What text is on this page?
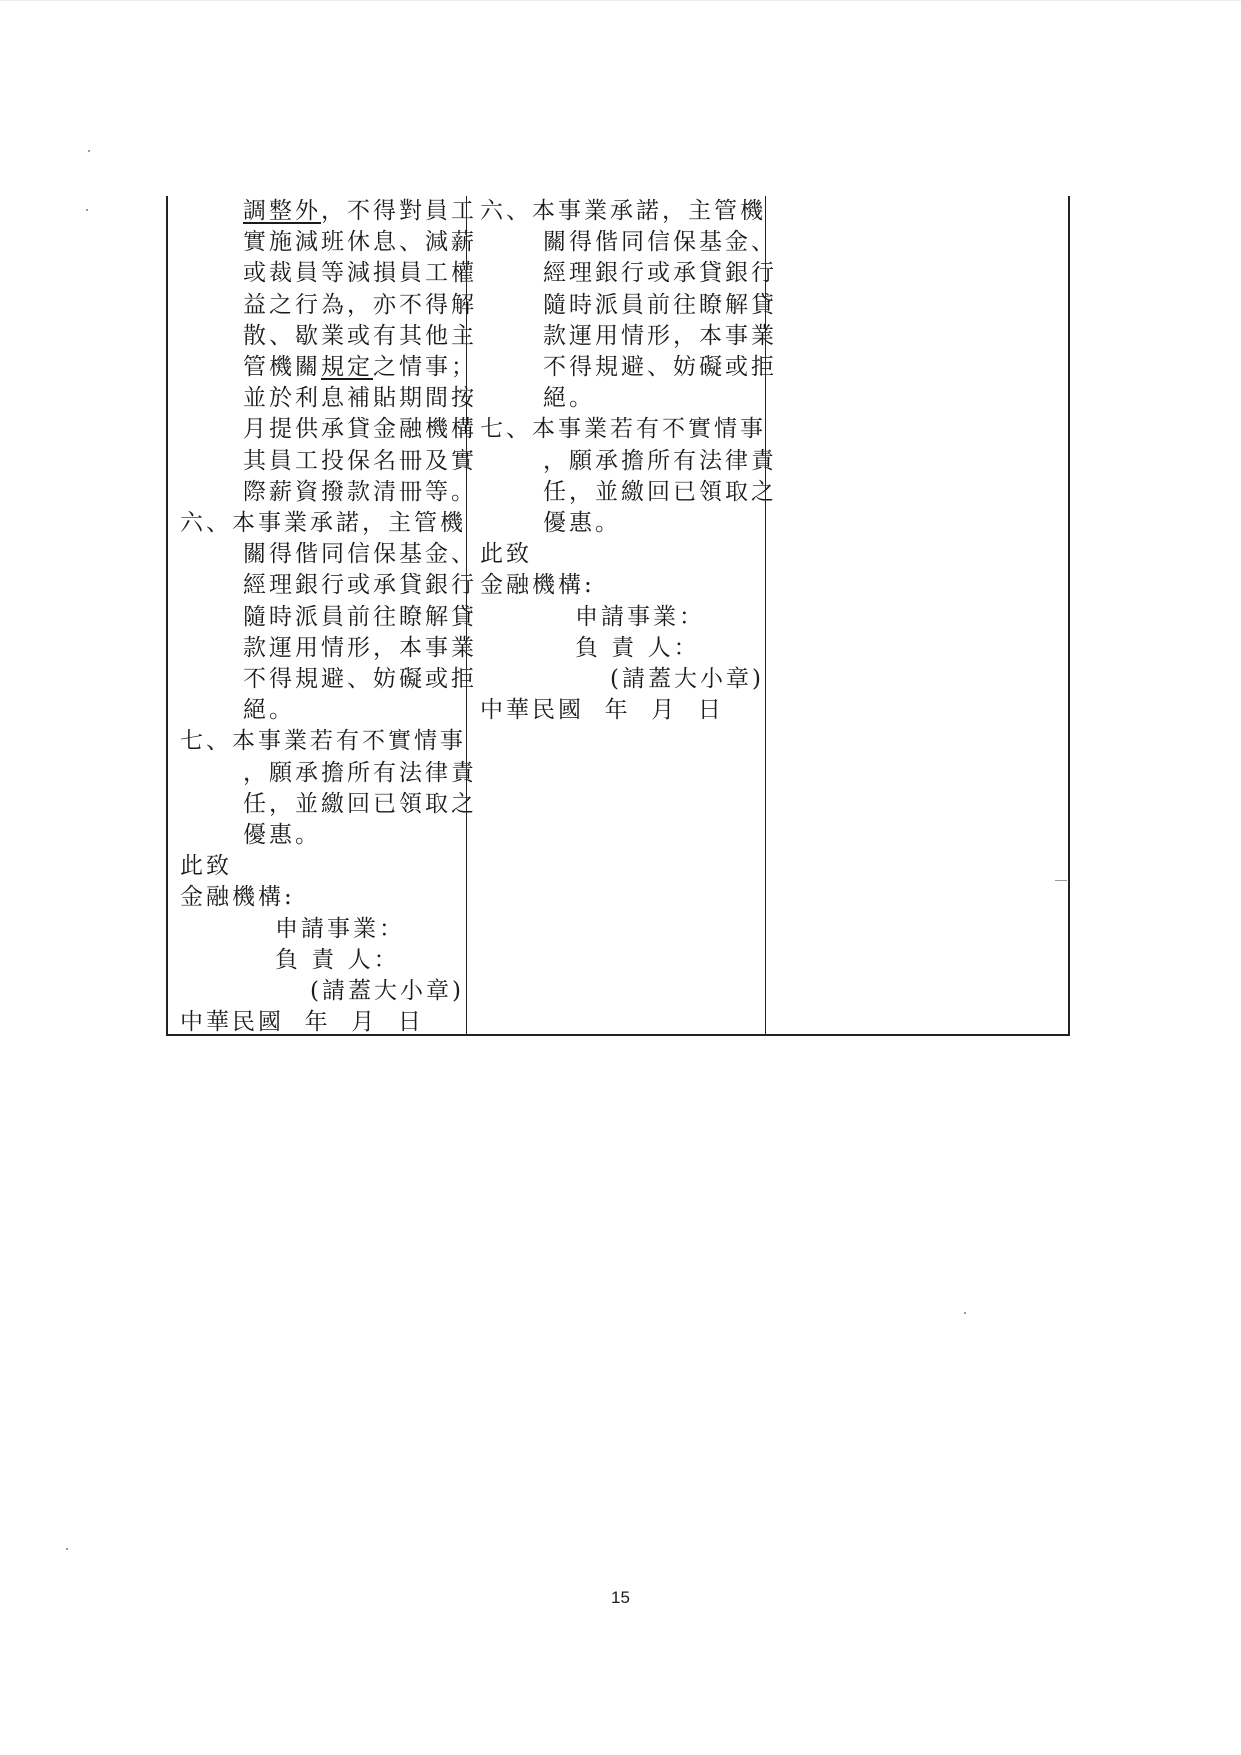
調整外，不得對員工

實施減班休息、減薪

或裁員等減損員工權

益之行為，亦不得解

散、歇業或有其他主

管機關規定之情事；

並於利息補貼期間按

月提供承貸金融機構

其員工投保名冊及實

際薪資撥款清冊等。

六、本事業承諾，主管機

關得偕同信保基金、

經理銀行或承貸銀行

隨時派員前往瞭解貸

款運用情形，本事業

不得規避、妨礙或拒

絕。

七、本事業若有不實情事

，願承擔所有法律責

任，並繳回已領取之

優惠。

此致

金融機構:

申請事業：

負 責 人：

(請蓋大小章)

中華民國  年  月  日

六、本事業承諾，主管機

關得偕同信保基金、

經理銀行或承貸銀行

隨時派員前往瞭解貸

款運用情形，本事業

不得規避、妨礙或拒

絕。

七、本事業若有不實情事

，願承擔所有法律責

任，並繳回已領取之

優惠。

此致

金融機構:

申請事業：

負 責 人：

(請蓋大小章)

中華民國  年  月  日

15
